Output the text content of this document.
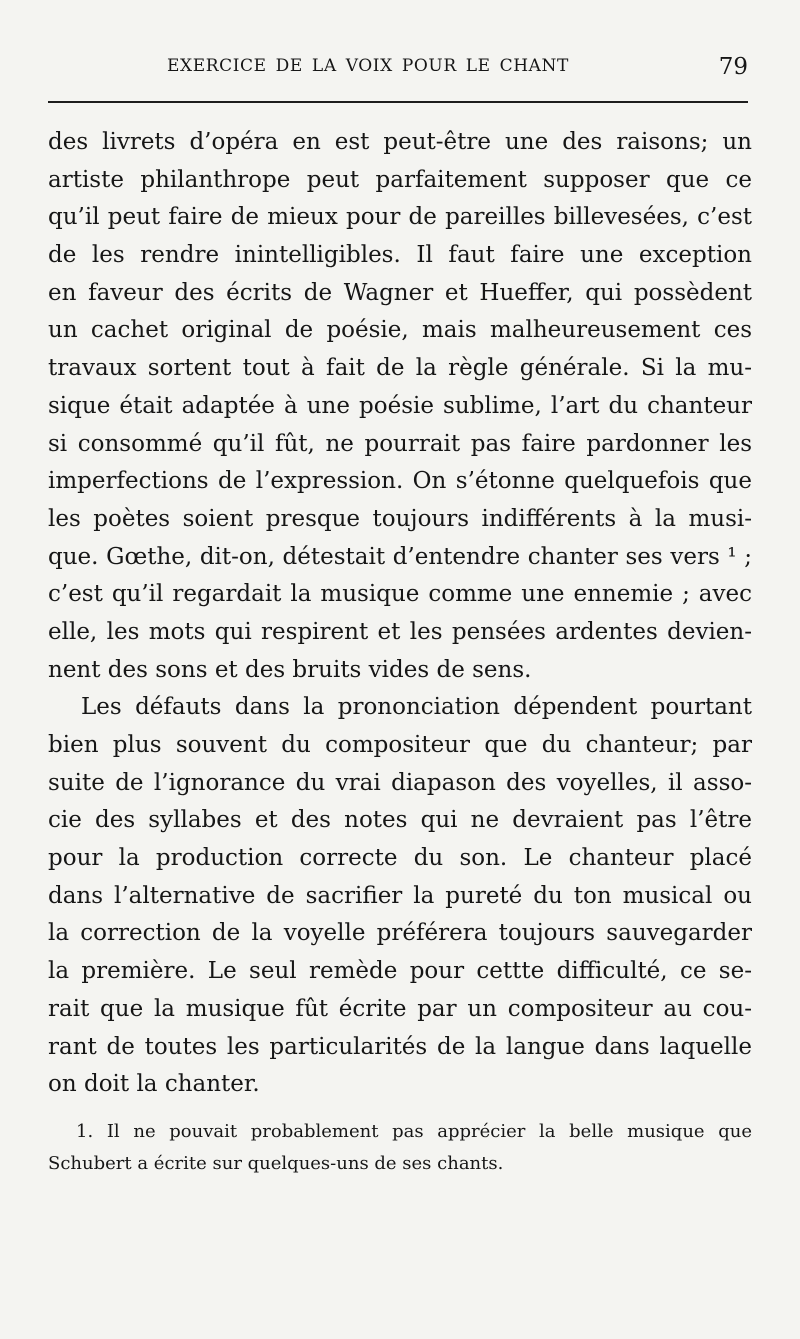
EXERCICE DE LA VOIX POUR LE CHANT	79
des livrets d’opéra en est peut-être une des raisons; un
artiste philanthrope peut parfaitement supposer que ce
qu’il peut faire de mieux pour de pareilles billevesées, c’est
de les rendre inintelligibles. Il faut faire une exception
en faveur des écrits de Wagner et Hueffer, qui possèdent
un cachet original de poésie, mais malheureusement ces
travaux sortent tout à fait de la règle générale. Si la mu-
sique était adaptée à une poésie sublime, l’art du chanteur
si consommé qu’il fût, ne pourrait pas faire pardonner les
imperfections de l’expression. On s’étonne quelquefois que
les poètes soient presque toujours indifférents à la musi-
que. Gœthe, dit-on, détestait d’entendre chanter ses vers ¹ ;
c’est qu’il regardait la musique comme une ennemie ; avec
elle, les mots qui respirent et les pensées ardentes devien-
nent des sons et des bruits vides de sens.
Les défauts dans la prononciation dépendent pourtant
bien plus souvent du compositeur que du chanteur; par
suite de l’ignorance du vrai diapason des voyelles, il asso-
cie des syllabes et des notes qui ne devraient pas l’être
pour la production correcte du son. Le chanteur placé
dans l’alternative de sacrifier la pureté du ton musical ou
la correction de la voyelle préférera toujours sauvegarder
la première. Le seul remède pour cettte difficulté, ce se-
rait que la musique fût écrite par un compositeur au cou-
rant de toutes les particularités de la langue dans laquelle
on doit la chanter.
1. Il ne pouvait probablement pas apprécier la belle musique que
Schubert a écrite sur quelques-uns de ses chants.
